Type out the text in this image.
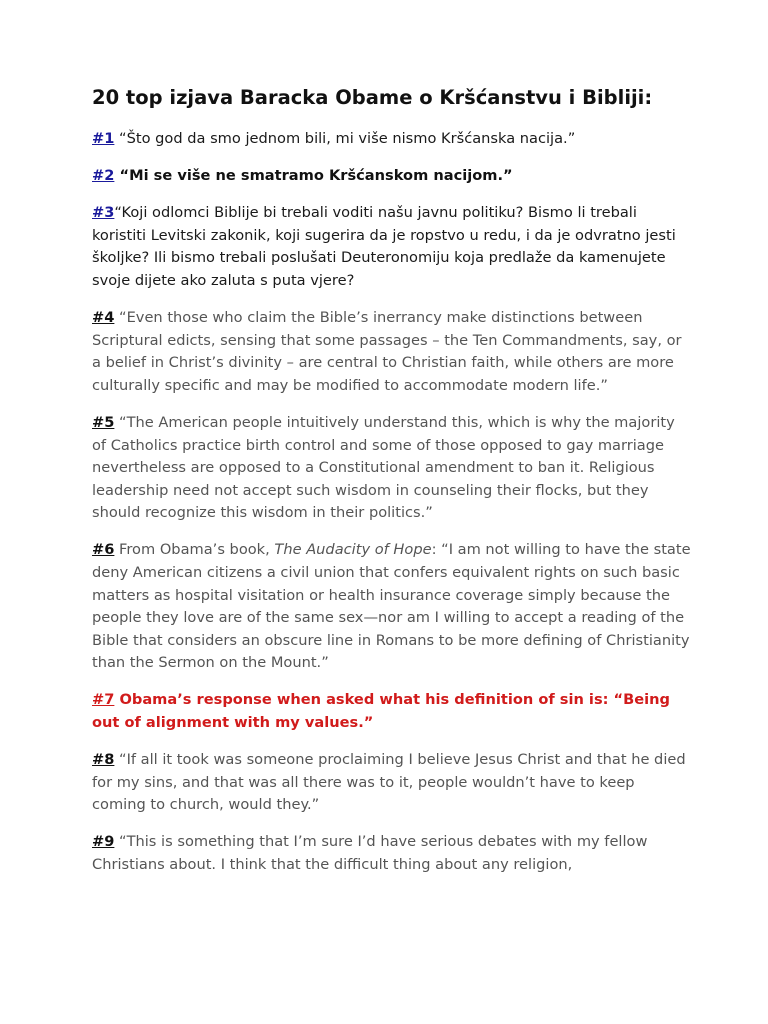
20 top izjava Baracka Obame o Kršćanstvu i Bibliji:

#1 “Što god da smo jednom bili, mi više nismo Kršćanska nacija.”

#2 “Mi se više ne smatramo Kršćanskom nacijom.”

#3“Koji odlomci Biblije bi trebali voditi našu javnu politiku? Bismo li trebali koristiti Levitski zakonik, koji sugerira da je ropstvo u redu, i da je odvratno jesti školjke? Ili bismo trebali poslušati Deuteronomiju koja predlaže da kamenujete svoje dijete ako zaluta s puta vjere?

#4 “Even those who claim the Bible’s inerrancy make distinctions between Scriptural edicts, sensing that some passages – the Ten Commandments, say, or a belief in Christ’s divinity – are central to Christian faith, while others are more culturally specific and may be modified to accommodate modern life.”

#5 “The American people intuitively understand this, which is why the majority of Catholics practice birth control and some of those opposed to gay marriage nevertheless are opposed to a Constitutional amendment to ban it. Religious leadership need not accept such wisdom in counseling their flocks, but they should recognize this wisdom in their politics.”

#6 From Obama’s book, The Audacity of Hope: “I am not willing to have the state deny American citizens a civil union that confers equivalent rights on such basic matters as hospital visitation or health insurance coverage simply because the people they love are of the same sex—nor am I willing to accept a reading of the Bible that considers an obscure line in Romans to be more defining of Christianity than the Sermon on the Mount.”

#7 Obama’s response when asked what his definition of sin is: “Being out of alignment with my values.”

#8 “If all it took was someone proclaiming I believe Jesus Christ and that he died for my sins, and that was all there was to it, people wouldn’t have to keep coming to church, would they.”

#9 “This is something that I’m sure I’d have serious debates with my fellow Christians about. I think that the difficult thing about any religion,
